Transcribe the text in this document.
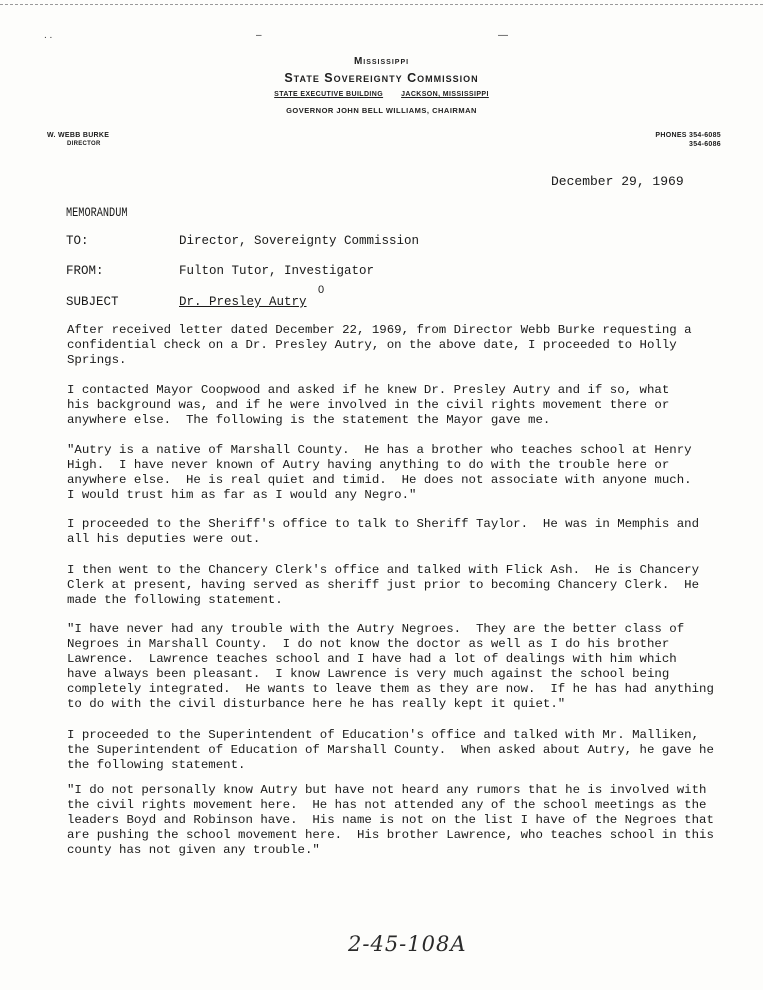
. .	–	—
Mississippi
State Sovereignty Commission
STATE EXECUTIVE BUILDING	JACKSON, MISSISSIPPI
GOVERNOR JOHN BELL WILLIAMS, CHAIRMAN
W. WEBB BURKE
DIRECTOR
PHONES 354-6085
354-6086
December 29, 1969
MEMORANDUM
TO:	Director, Sovereignty Commission
FROM:	Fulton Tutor, Investigator
0
SUBJECT	Dr. Presley Autry

After received letter dated December 22, 1969, from Director Webb Burke requesting a
confidential check on a Dr. Presley Autry, on the above date, I proceeded to Holly
Springs.

I contacted Mayor Coopwood and asked if he knew Dr. Presley Autry and if so, what
his background was, and if he were involved in the civil rights movement there or
anywhere else.  The following is the statement the Mayor gave me.

"Autry is a native of Marshall County.  He has a brother who teaches school at Henry
High.  I have never known of Autry having anything to do with the trouble here or
anywhere else.  He is real quiet and timid.  He does not associate with anyone much.
I would trust him as far as I would any Negro."

I proceeded to the Sheriff's office to talk to Sheriff Taylor.  He was in Memphis and
all his deputies were out.

I then went to the Chancery Clerk's office and talked with Flick Ash.  He is Chancery
Clerk at present, having served as sheriff just prior to becoming Chancery Clerk.  He
made the following statement.

"I have never had any trouble with the Autry Negroes.  They are the better class of
Negroes in Marshall County.  I do not know the doctor as well as I do his brother
Lawrence.  Lawrence teaches school and I have had a lot of dealings with him which
have always been pleasant.  I know Lawrence is very much against the school being
completely integrated.  He wants to leave them as they are now.  If he has had anything
to do with the civil disturbance here he has really kept it quiet."

I proceeded to the Superintendent of Education's office and talked with Mr. Malliken,
the Superintendent of Education of Marshall County.  When asked about Autry, he gave he
the following statement.

"I do not personally know Autry but have not heard any rumors that he is involved with
the civil rights movement here.  He has not attended any of the school meetings as the
leaders Boyd and Robinson have.  His name is not on the list I have of the Negroes that
are pushing the school movement here.  His brother Lawrence, who teaches school in this
county has not given any trouble."

2-45-108A
